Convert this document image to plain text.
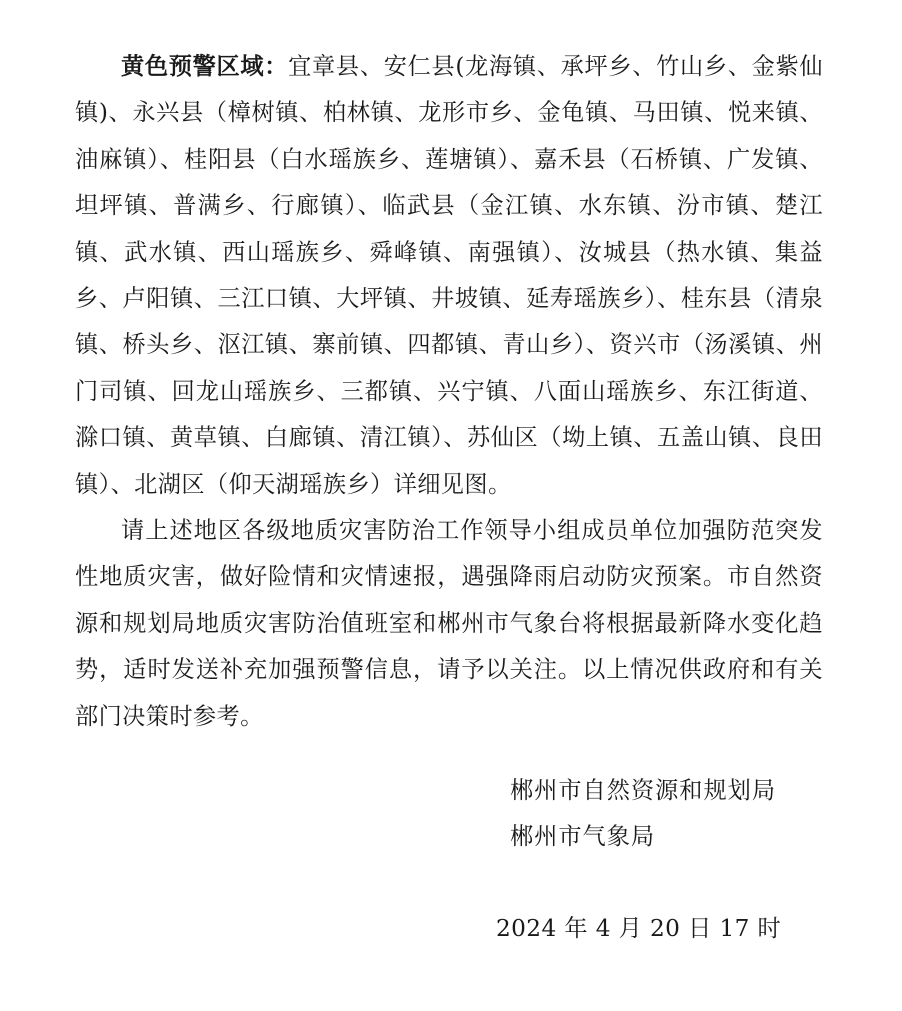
黄色预警区域：宜章县、安仁县(龙海镇、承坪乡、竹山乡、金紫仙镇)、永兴县（樟树镇、柏林镇、龙形市乡、金龟镇、马田镇、悦来镇、油麻镇）、桂阳县（白水瑶族乡、莲塘镇）、嘉禾县（石桥镇、广发镇、坦坪镇、普满乡、行廊镇）、临武县（金江镇、水东镇、汾市镇、楚江镇、武水镇、西山瑶族乡、舜峰镇、南强镇）、汝城县（热水镇、集益乡、卢阳镇、三江口镇、大坪镇、井坡镇、延寿瑶族乡）、桂东县（清泉镇、桥头乡、沤江镇、寨前镇、四都镇、青山乡）、资兴市（汤溪镇、州门司镇、回龙山瑶族乡、三都镇、兴宁镇、八面山瑶族乡、东江街道、滁口镇、黄草镇、白廊镇、清江镇）、苏仙区（坳上镇、五盖山镇、良田镇）、北湖区（仰天湖瑶族乡）详细见图。

请上述地区各级地质灾害防治工作领导小组成员单位加强防范突发性地质灾害，做好险情和灾情速报，遇强降雨启动防灾预案。市自然资源和规划局地质灾害防治值班室和郴州市气象台将根据最新降水变化趋势，适时发送补充加强预警信息，请予以关注。以上情况供政府和有关部门决策时参考。

郴州市自然资源和规划局
郴州市气象局
2024 年 4 月 20 日 17 时
